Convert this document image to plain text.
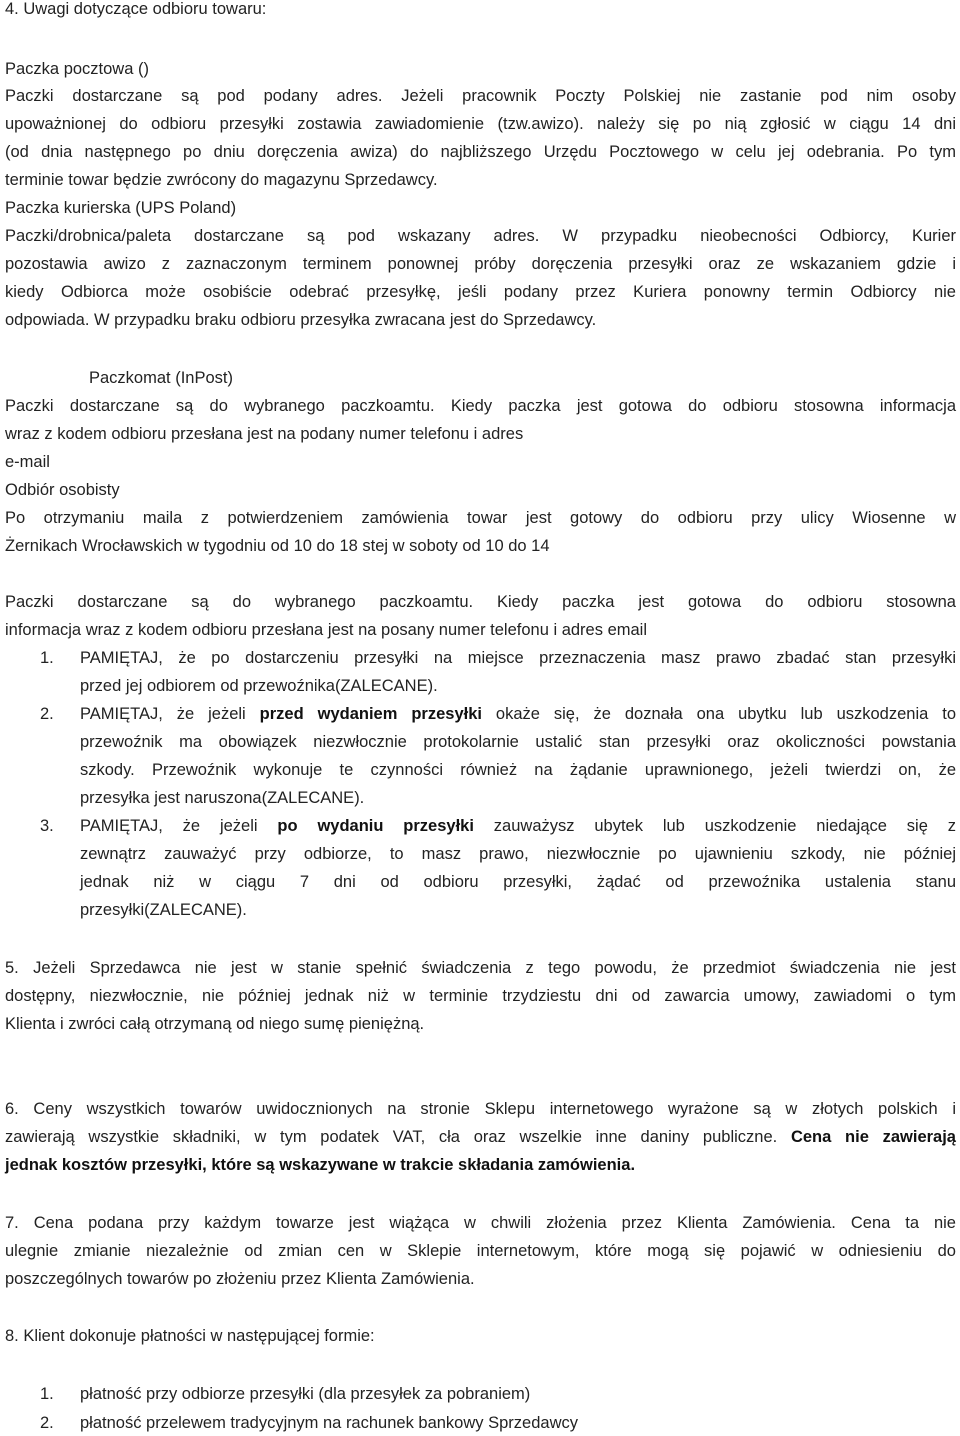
4. Uwagi dotyczące odbioru towaru:

Paczka pocztowa ()

Paczki dostarczane są pod podany adres. Jeżeli pracownik Poczty Polskiej nie zastanie pod nim osoby

upoważnionej do odbioru przesyłki zostawia zawiadomienie (tzw.awizo). należy się po nią zgłosić w ciągu 14 dni

(od dnia następnego po dniu doręczenia awiza) do najbliższego Urzędu Pocztowego w celu jej odebrania. Po tym

terminie towar będzie zwrócony do magazynu Sprzedawcy.

Paczka kurierska (UPS Poland)

Paczki/drobnica/paleta dostarczane są pod wskazany adres. W przypadku nieobecności Odbiorcy, Kurier

pozostawia awizo z zaznaczonym terminem ponownej próby doręczenia przesyłki oraz ze wskazaniem gdzie i

kiedy Odbiorca może osobiście odebrać przesyłkę, jeśli podany przez Kuriera ponowny termin Odbiorcy nie

odpowiada. W przypadku braku odbioru przesyłka zwracana jest do Sprzedawcy.

Paczkomat (InPost)

Paczki dostarczane są do wybranego paczkoamtu. Kiedy paczka jest gotowa do odbioru stosowna informacja

wraz z kodem odbioru przesłana jest na podany numer telefonu i adres

e-mail

Odbiór osobisty

Po otrzymaniu maila z potwierdzeniem zamówienia towar jest gotowy do odbioru przy ulicy Wiosenne w

Żernikach Wrocławskich w tygodniu od 10 do 18 stej w soboty od 10 do 14

Paczki dostarczane są do wybranego paczkoamtu. Kiedy paczka jest gotowa do odbioru stosowna

informacja wraz z kodem odbioru przesłana jest na posany numer telefonu i adres email

1. PAMIĘTAJ, że po dostarczeniu przesyłki na miejsce przeznaczenia masz prawo zbadać stan przesyłki

przed jej odbiorem od przewoźnika(ZALECANE).

2. PAMIĘTAJ, że jeżeli przed wydaniem przesyłki okaże się, że doznała ona ubytku lub uszkodzenia to

przewoźnik ma obowiązek niezwłocznie protokolarnie ustalić stan przesyłki oraz okoliczności powstania

szkody. Przewoźnik wykonuje te czynności również na żądanie uprawnionego, jeżeli twierdzi on, że

przesyłka jest naruszona(ZALECANE).

3. PAMIĘTAJ, że jeżeli po wydaniu przesyłki zauważysz ubytek lub uszkodzenie niedające się z

zewnątrz zauważyć przy odbiorze, to masz prawo, niezwłocznie po ujawnieniu szkody, nie później

jednak niż w ciągu 7 dni od odbioru przesyłki, żądać od przewoźnika ustalenia stanu

przesyłki(ZALECANE).

5. Jeżeli Sprzedawca nie jest w stanie spełnić świadczenia z tego powodu, że przedmiot świadczenia nie jest

dostępny, niezwłocznie, nie później jednak niż w terminie trzydziestu dni od zawarcia umowy, zawiadomi o tym

Klienta i zwróci całą otrzymaną od niego sumę pieniężną.

6. Ceny wszystkich towarów uwidocznionych na stronie Sklepu internetowego wyrażone są w złotych polskich i

zawierają wszystkie składniki, w tym podatek VAT, cła oraz wszelkie inne daniny publiczne. Cena nie zawierają

jednak kosztów przesyłki, które są wskazywane w trakcie składania zamówienia.

7. Cena podana przy każdym towarze jest wiążąca w chwili złożenia przez Klienta Zamówienia. Cena ta nie

ulegnie zmianie niezależnie od zmian cen w Sklepie internetowym, które mogą się pojawić w odniesieniu do

poszczególnych towarów po złożeniu przez Klienta Zamówienia.

8. Klient dokonuje płatności w następującej formie:

1. płatność przy odbiorze przesyłki (dla przesyłek za pobraniem)

2. płatność przelewem tradycyjnym na rachunek bankowy Sprzedawcy
